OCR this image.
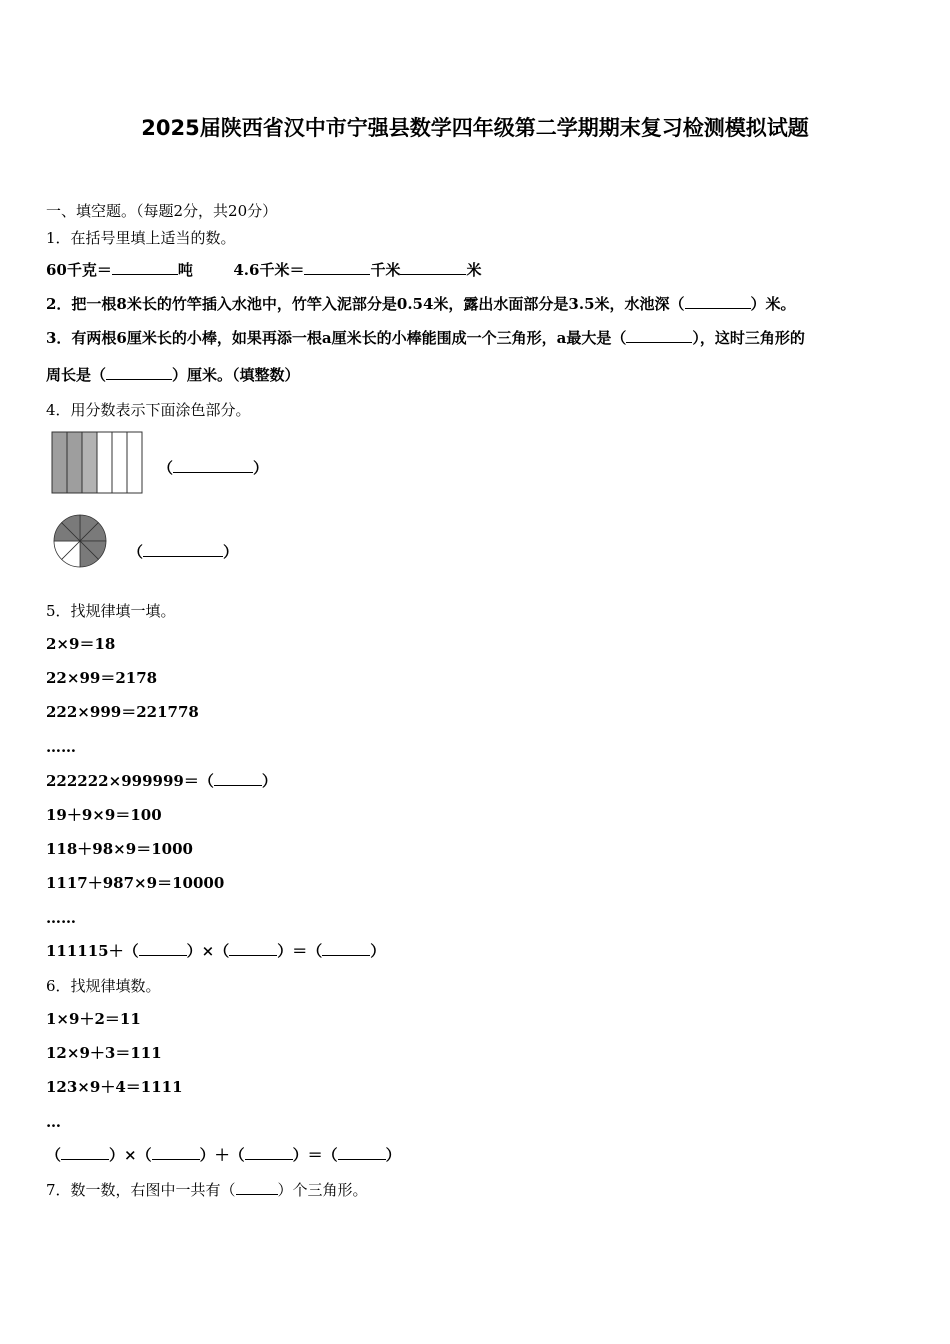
2025届陕西省汉中市宁强县数学四年级第二学期期末复习检测模拟试题
一、填空题。（每题2分，共20分）
1．在括号里填上适当的数。
60千克＝	吨	4.6千米＝	千米	米
2．把一根8米长的竹竿插入水池中，竹竿入泥部分是0.54米，露出水面部分是3.5米，水池深（	）米。
3．有两根6厘米长的小棒，如果再添一根a厘米长的小棒能围成一个三角形，a最大是（	），这时三角形的
周长是（	）厘米。（填整数）
4．用分数表示下面涂色部分。
（	）
（	）
5．找规律填一填。
2×9＝18
22×99＝2178
222×999＝221778
……
222222×999999＝（	）
19＋9×9＝100
118＋98×9＝1000
1117＋987×9＝10000
……
111115＋（	）×（	）＝（	）
6．找规律填数。
1×9＋2＝11
12×9＋3＝111
123×9＋4＝1111
…
（	）×（	）＋（	）＝（	）
7．数一数，右图中一共有（	）个三角形。
